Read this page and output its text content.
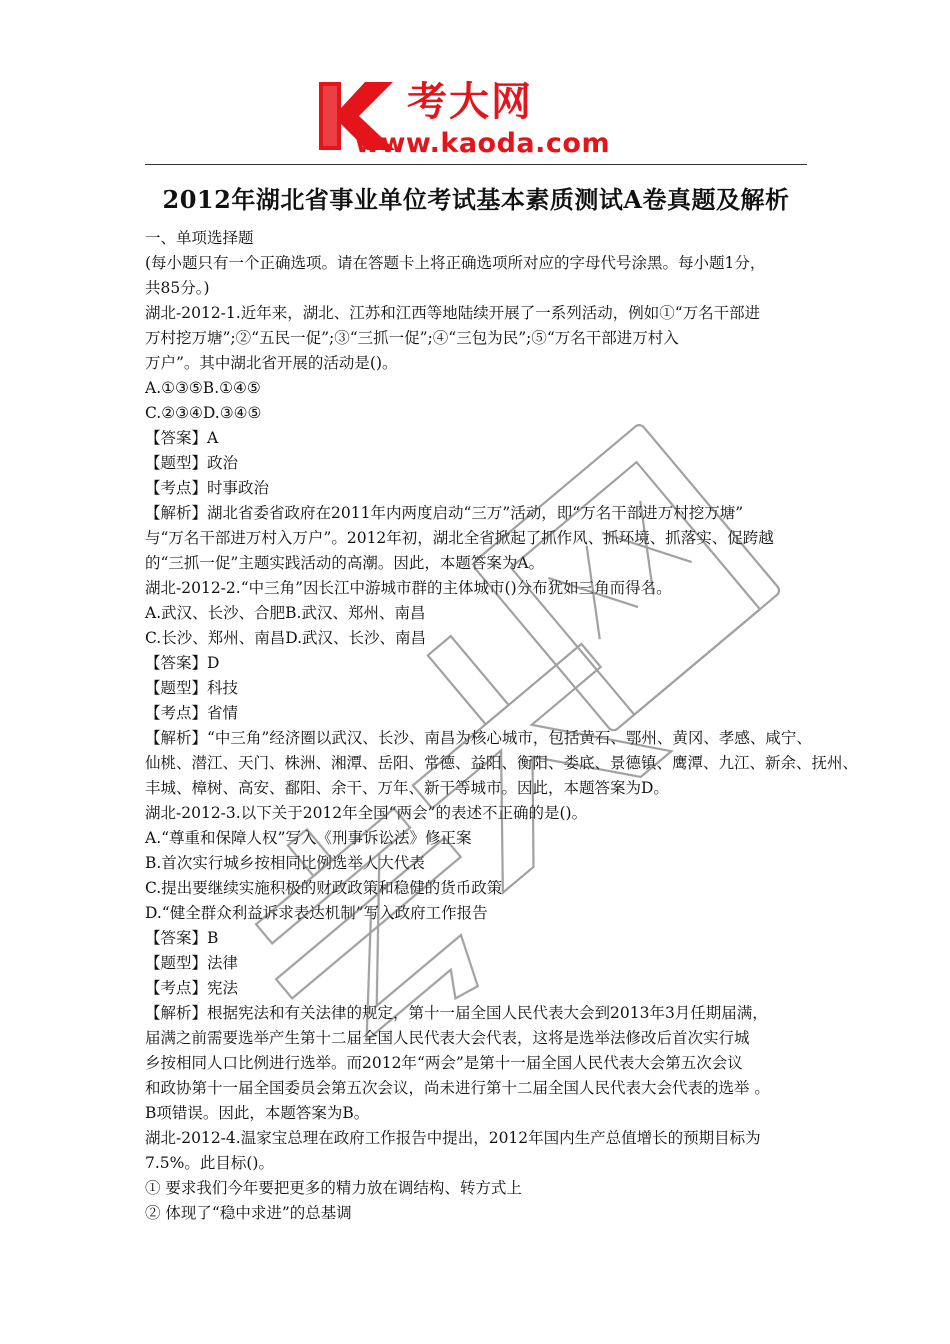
考大网
www.kaoda.com
2012年湖北省事业单位考试基本素质测试A卷真题及解析
一、单项选择题
(每小题只有一个正确选项。请在答题卡上将正确选项所对应的字母代号涂黑。每小题1分，
共85分。)
湖北-2012-1.近年来，湖北、江苏和江西等地陆续开展了一系列活动，例如①“万名干部进
万村挖万塘”;②“五民一促”;③“三抓一促”;④“三包为民”;⑤“万名干部进万村入
万户”。其中湖北省开展的活动是()。
A.①③⑤B.①④⑤
C.②③④D.③④⑤
【答案】A
【题型】政治
【考点】时事政治
【解析】湖北省委省政府在2011年内两度启动“三万”活动，即“万名干部进万村挖万塘”
与“万名干部进万村入万户”。2012年初，湖北全省掀起了抓作风、抓环境、抓落实、促跨越
的“三抓一促”主题实践活动的高潮。因此，本题答案为A。
湖北-2012-2.“中三角”因长江中游城市群的主体城市()分布犹如三角而得名。
A.武汉、长沙、合肥B.武汉、郑州、南昌
C.长沙、郑州、南昌D.武汉、长沙、南昌
【答案】D
【题型】科技
【考点】省情
【解析】“中三角”经济圈以武汉、长沙、南昌为核心城市，包括黄石、鄂州、黄冈、孝感、咸宁、
仙桃、潜江、天门、株洲、湘潭、岳阳、常德、益阳、衡阳、娄底、景德镇、鹰潭、九江、新余、抚州、
丰城、樟树、高安、鄱阳、余干、万年、新干等城市。因此，本题答案为D。
湖北-2012-3.以下关于2012年全国“两会”的表述不正确的是()。
A.“尊重和保障人权”写入《刑事诉讼法》修正案
B.首次实行城乡按相同比例选举人大代表
C.提出要继续实施积极的财政政策和稳健的货币政策
D.“健全群众利益诉求表达机制”写入政府工作报告
【答案】B
【题型】法律
【考点】宪法
【解析】根据宪法和有关法律的规定，第十一届全国人民代表大会到2013年3月任期届满，
届满之前需要选举产生第十二届全国人民代表大会代表，这将是选举法修改后首次实行城
乡按相同人口比例进行选举。而2012年“两会”是第十一届全国人民代表大会第五次会议
和政协第十一届全国委员会第五次会议，尚未进行第十二届全国人民代表大会代表的选举 。
B项错误。因此，本题答案为B。
湖北-2012-4.温家宝总理在政府工作报告中提出，2012年国内生产总值增长的预期目标为
7.5%。此目标()。
① 要求我们今年要把更多的精力放在调结构、转方式上
② 体现了“稳中求进”的总基调
